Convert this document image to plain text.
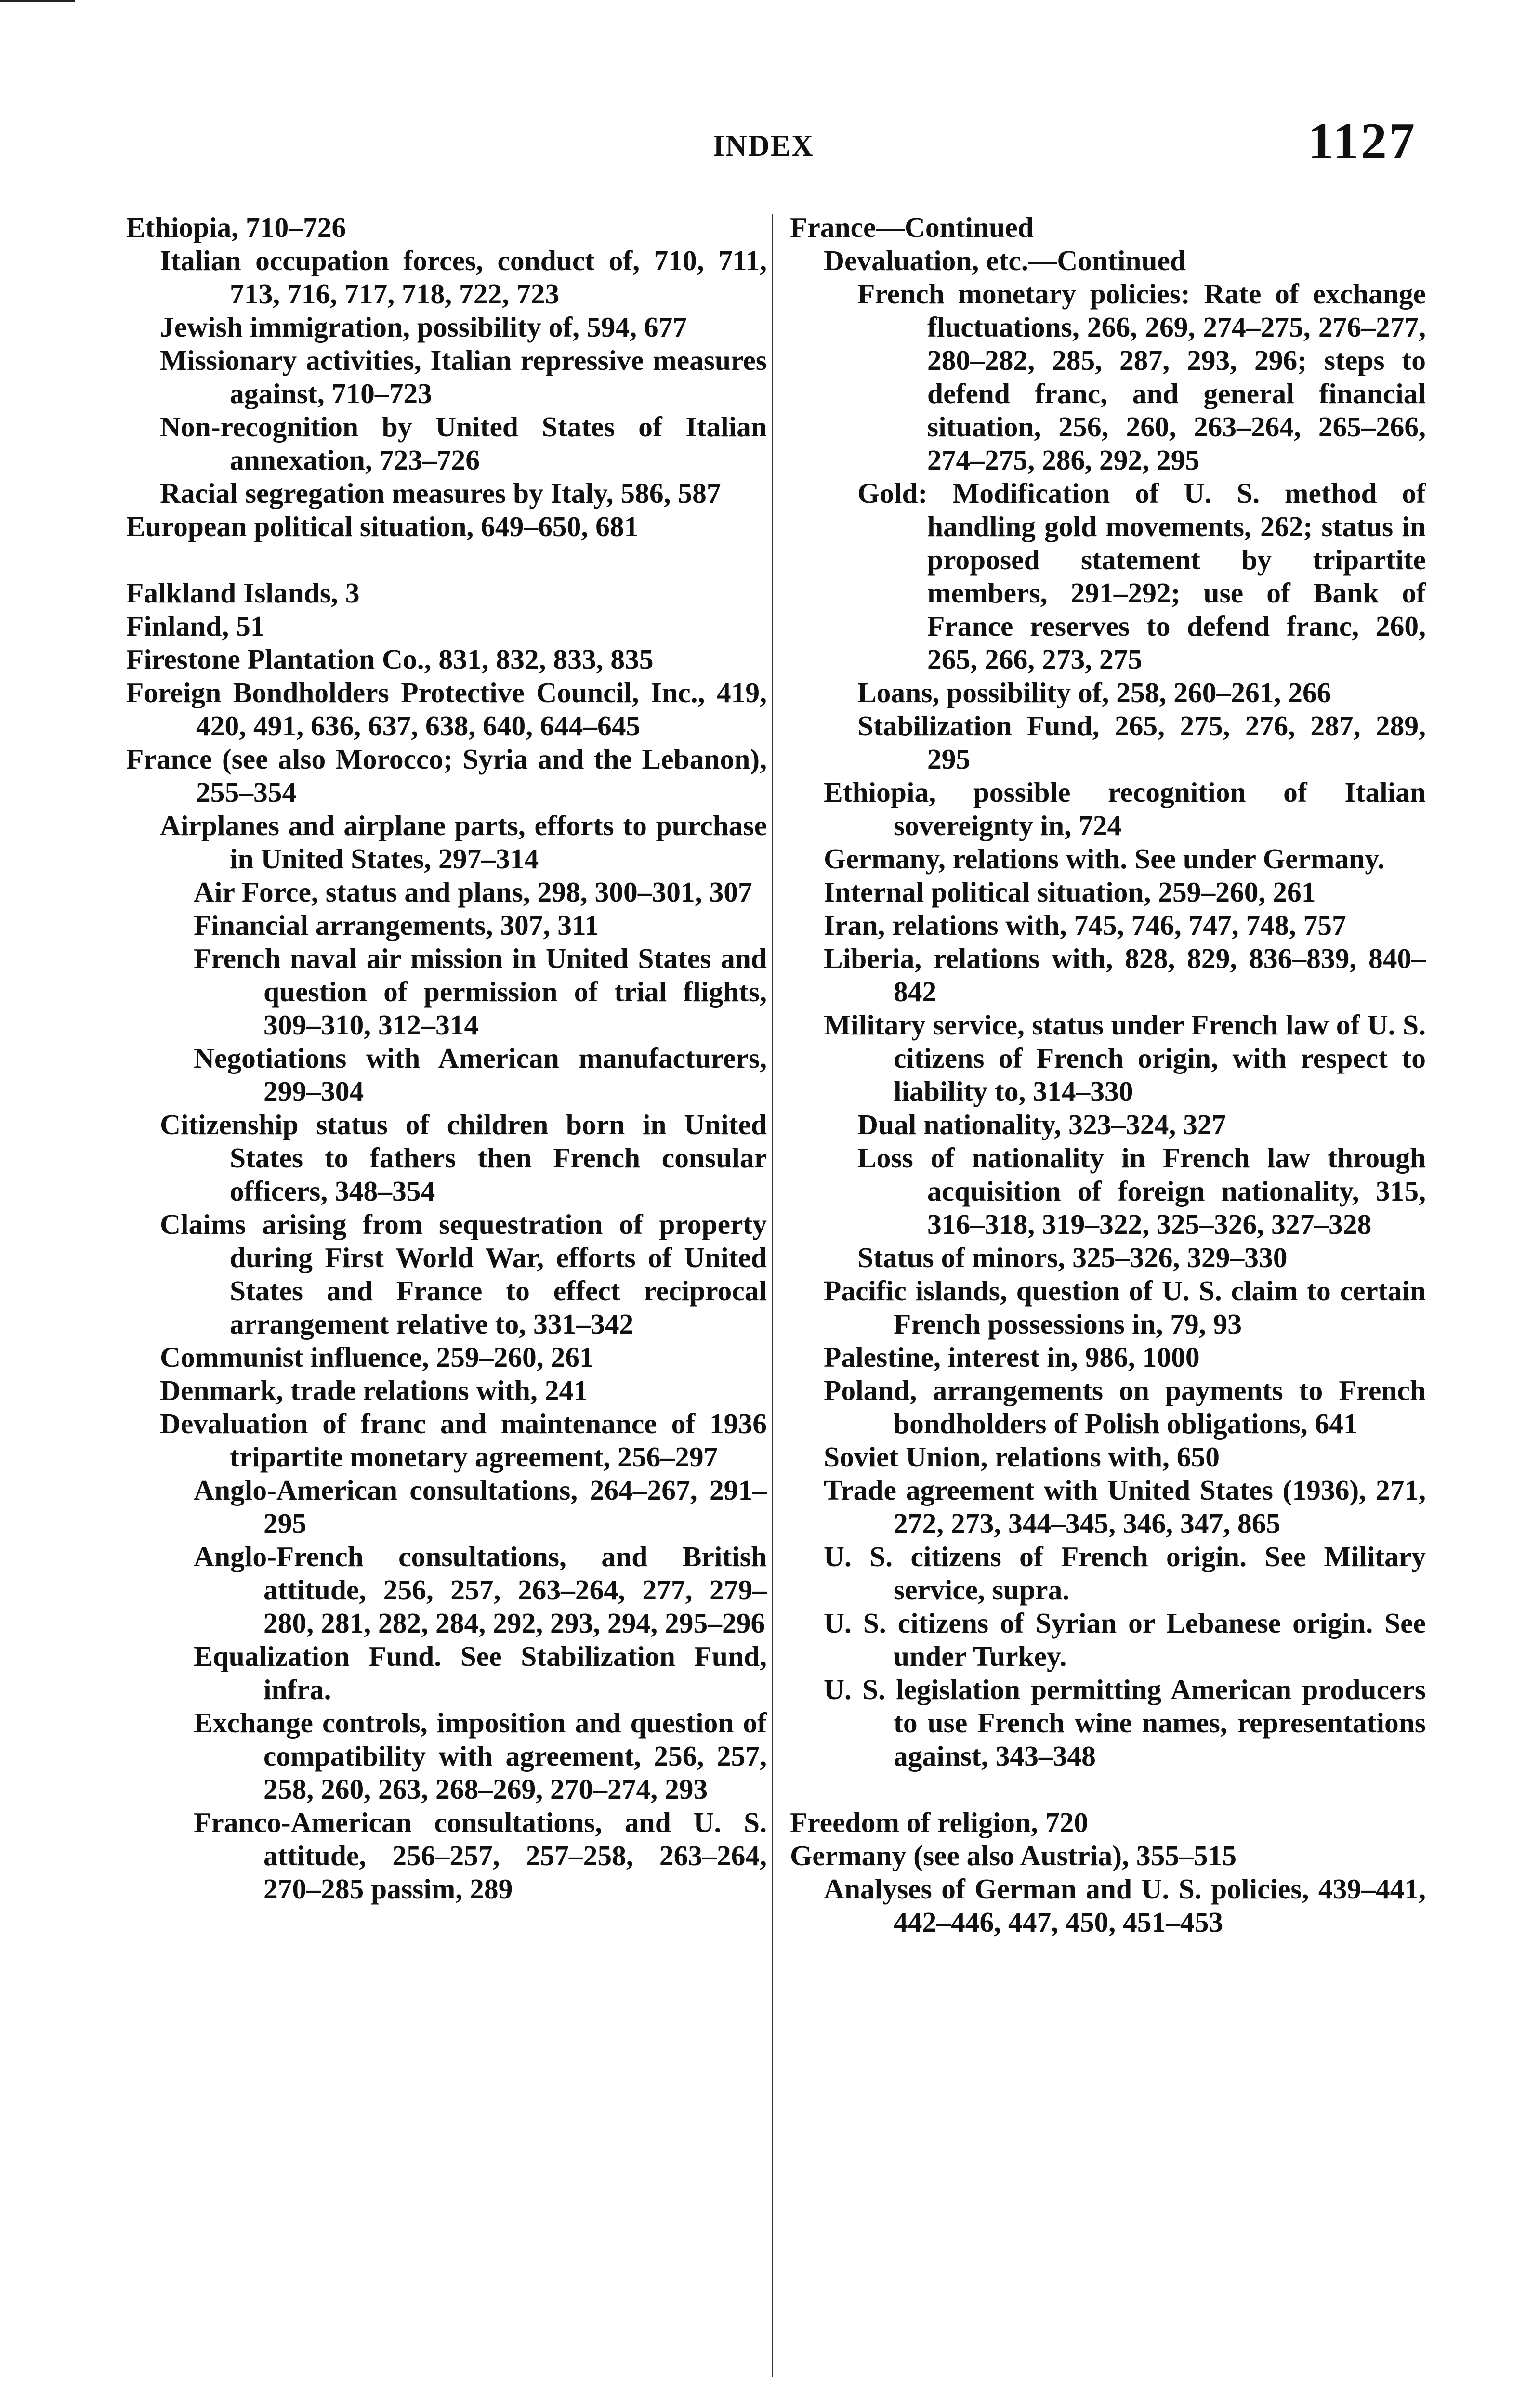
INDEX	1127

Ethiopia, 710–726

Italian occupation forces, conduct of, 710, 711, 713, 716, 717, 718, 722, 723

Jewish immigration, possibility of, 594, 677

Missionary activities, Italian repressive measures against, 710–723

Non-recognition by United States of Italian annexation, 723–726

Racial segregation measures by Italy, 586, 587

European political situation, 649–650, 681

Falkland Islands, 3

Finland, 51

Firestone Plantation Co., 831, 832, 833, 835

Foreign Bondholders Protective Council, Inc., 419, 420, 491, 636, 637, 638, 640, 644–645

France (see also Morocco; Syria and the Lebanon), 255–354

Airplanes and airplane parts, efforts to purchase in United States, 297–314

Air Force, status and plans, 298, 300–301, 307

Financial arrangements, 307, 311

French naval air mission in United States and question of permission of trial flights, 309–310, 312–314

Negotiations with American manufacturers, 299–304

Citizenship status of children born in United States to fathers then French consular officers, 348–354

Claims arising from sequestration of property during First World War, efforts of United States and France to effect reciprocal arrangement relative to, 331–342

Communist influence, 259–260, 261

Denmark, trade relations with, 241

Devaluation of franc and maintenance of 1936 tripartite monetary agreement, 256–297

Anglo-American consultations, 264–267, 291–295

Anglo-French consultations, and British attitude, 256, 257, 263–264, 277, 279–280, 281, 282, 284, 292, 293, 294, 295–296

Equalization Fund. See Stabilization Fund, infra.

Exchange controls, imposition and question of compatibility with agreement, 256, 257, 258, 260, 263, 268–269, 270–274, 293

Franco-American consultations, and U. S. attitude, 256–257, 257–258, 263–264, 270–285 passim, 289

France—Continued

Devaluation, etc.—Continued

French monetary policies: Rate of exchange fluctuations, 266, 269, 274–275, 276–277, 280–282, 285, 287, 293, 296; steps to defend franc, and general financial situation, 256, 260, 263–264, 265–266, 274–275, 286, 292, 295

Gold: Modification of U. S. method of handling gold movements, 262; status in proposed statement by tripartite members, 291–292; use of Bank of France reserves to defend franc, 260, 265, 266, 273, 275

Loans, possibility of, 258, 260–261, 266

Stabilization Fund, 265, 275, 276, 287, 289, 295

Ethiopia, possible recognition of Italian sovereignty in, 724

Germany, relations with. See under Germany.

Internal political situation, 259–260, 261

Iran, relations with, 745, 746, 747, 748, 757

Liberia, relations with, 828, 829, 836–839, 840–842

Military service, status under French law of U. S. citizens of French origin, with respect to liability to, 314–330

Dual nationality, 323–324, 327

Loss of nationality in French law through acquisition of foreign nationality, 315, 316–318, 319–322, 325–326, 327–328

Status of minors, 325–326, 329–330

Pacific islands, question of U. S. claim to certain French possessions in, 79, 93

Palestine, interest in, 986, 1000

Poland, arrangements on payments to French bondholders of Polish obligations, 641

Soviet Union, relations with, 650

Trade agreement with United States (1936), 271, 272, 273, 344–345, 346, 347, 865

U. S. citizens of French origin. See Military service, supra.

U. S. citizens of Syrian or Lebanese origin. See under Turkey.

U. S. legislation permitting American producers to use French wine names, representations against, 343–348

Freedom of religion, 720

Germany (see also Austria), 355–515

Analyses of German and U. S. policies, 439–441, 442–446, 447, 450, 451–453
